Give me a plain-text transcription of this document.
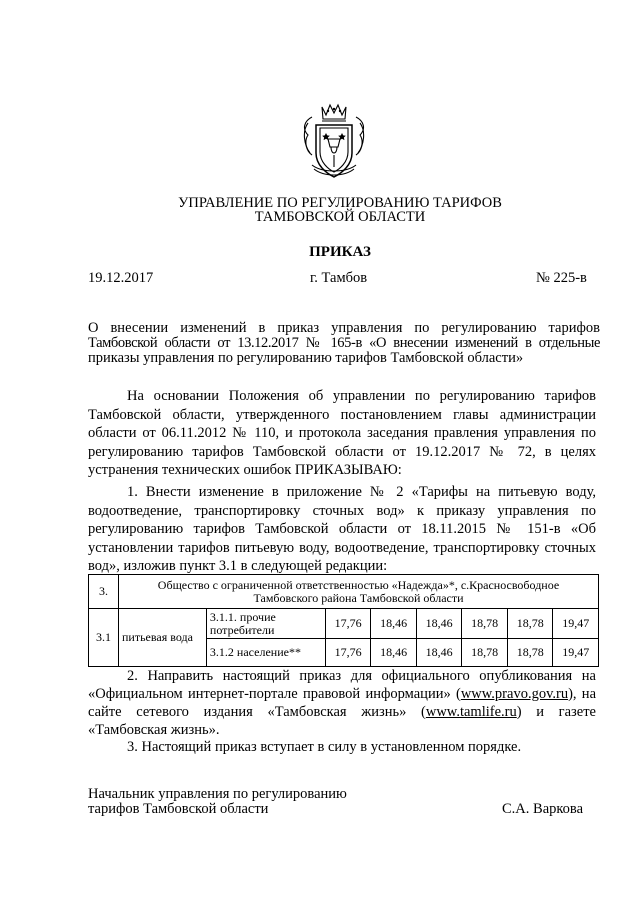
УПРАВЛЕНИЕ ПО РЕГУЛИРОВАНИЮ ТАРИФОВ
ТАМБОВСКОЙ ОБЛАСТИ
ПРИКАЗ
19.12.2017	г. Тамбов	№ 225-в
О внесении изменений в приказ управления по регулированию тарифов
Тамбовской области от 13.12.2017 № 165-в «О внесении изменений в отдельные
приказы управления по регулированию тарифов Тамбовской области»
На основании Положения об управлении по регулированию тарифов Тамбовской области, утвержденного постановлением главы администрации области от 06.11.2012 № 110, и протокола заседания правления управления по регулированию тарифов Тамбовской области от 19.12.2017 № 72, в целях устранения технических ошибок ПРИКАЗЫВАЮ:
1. Внести изменение в приложение № 2 «Тарифы на питьевую воду, водоотведение, транспортировку сточных вод» к приказу управления по регулированию тарифов Тамбовской области от 18.11.2015 № 151-в «Об установлении тарифов питьевую воду, водоотведение, транспортировку сточных вод», изложив пункт 3.1 в следующей редакции:
3.	Общество с ограниченной ответственностью «Надежда»*, с.Красносвободное
Тамбовского района Тамбовской области							

3.1	питьевая вода	3.1.1. прочие потребители	17,76	18,46	18,46	18,78	18,78	19,47
		3.1.2 население**	17,76	18,46	18,46	18,78	18,78	19,47
2. Направить настоящий приказ для официального опубликования на «Официальном интернет-портале правовой информации» (www.pravo.gov.ru), на сайте сетевого издания «Тамбовская жизнь» (www.tamlife.ru) и газете «Тамбовская жизнь».
3. Настоящий приказ вступает в силу в установленном порядке.
Начальник управления по регулированию
тарифов Тамбовской области	С.А. Варкова
